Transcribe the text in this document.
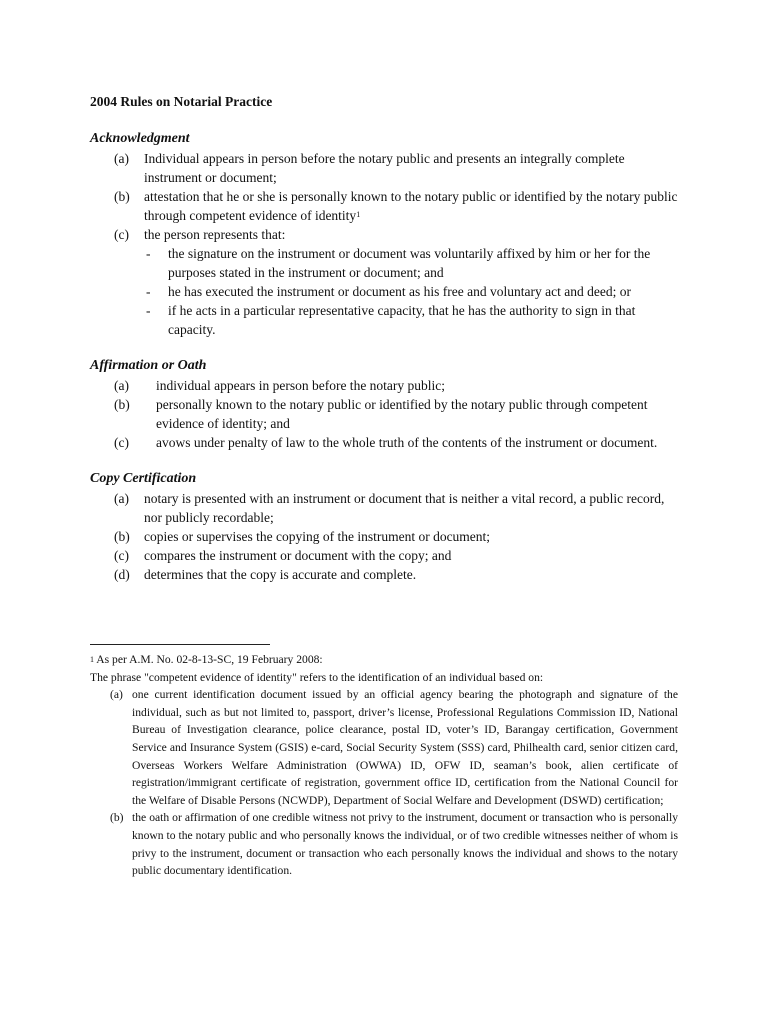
2004 Rules on Notarial Practice
Acknowledgment
(a)	Individual appears in person before the notary public and presents an integrally complete instrument or document;
(b)	attestation that he or she is personally known to the notary public or identified by the notary public through competent evidence of identity$^1$
(c)	the person represents that:
-	the signature on the instrument or document was voluntarily affixed by him or her for the purposes stated in the instrument or document; and
-	he has executed the instrument or document as his free and voluntary act and deed; or
-	if he acts in a particular representative capacity, that he has the authority to sign in that capacity.
Affirmation or Oath
(a)	individual appears in person before the notary public;
(b)	personally known to the notary public or identified by the notary public through competent evidence of identity; and
(c)	avows under penalty of law to the whole truth of the contents of the instrument or document.
Copy Certification
(a)	notary is presented with an instrument or document that is neither a vital record, a public record, nor publicly recordable;
(b)	copies or supervises the copying of the instrument or document;
(c)	compares the instrument or document with the copy; and
(d)	determines that the copy is accurate and complete.

$^1$ As per A.M. No. 02-8-13-SC, 19 February 2008:

The phrase "competent evidence of identity" refers to the identification of an individual based on:

(a) one current identification document issued by an official agency bearing the photograph and signature of the individual, such as but not limited to, passport, driver’s license, Professional Regulations Commission ID, National Bureau of Investigation clearance, police clearance, postal ID, voter’s ID, Barangay certification, Government Service and Insurance System (GSIS) e-card, Social Security System (SSS) card, Philhealth card, senior citizen card, Overseas Workers Welfare Administration (OWWA) ID, OFW ID, seaman’s book, alien certificate of registration/immigrant certificate of registration, government office ID, certification from the National Council for the Welfare of Disable Persons (NCWDP), Department of Social Welfare and Development (DSWD) certification;
(b) the oath or affirmation of one credible witness not privy to the instrument, document or transaction who is personally known to the notary public and who personally knows the individual, or of two credible witnesses neither of whom is privy to the instrument, document or transaction who each personally knows the individual and shows to the notary public documentary identification.
